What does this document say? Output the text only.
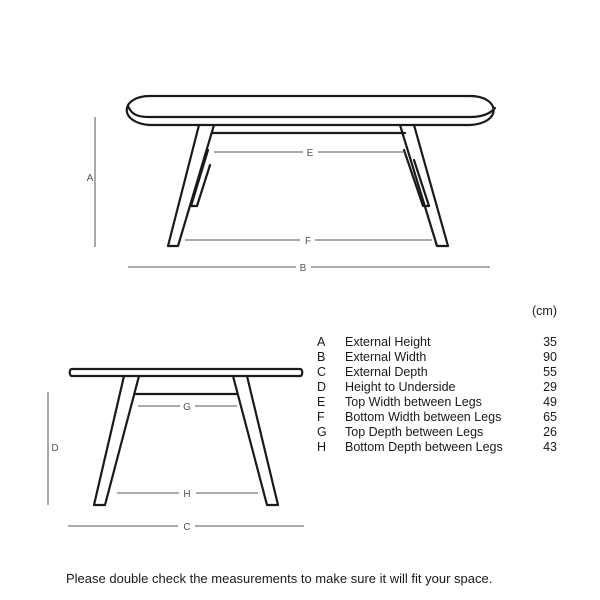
A
E
F
B
D
G
H
C
(cm)
A	External Height	35
B	External Width	90
C	External Depth	55
D	Height to Underside	29
E	Top Width between Legs	49
F	Bottom Width between Legs	65
G	Top Depth between Legs	26
H	Bottom Depth between Legs	43
Please double check the measurements to make sure it will fit your space.
